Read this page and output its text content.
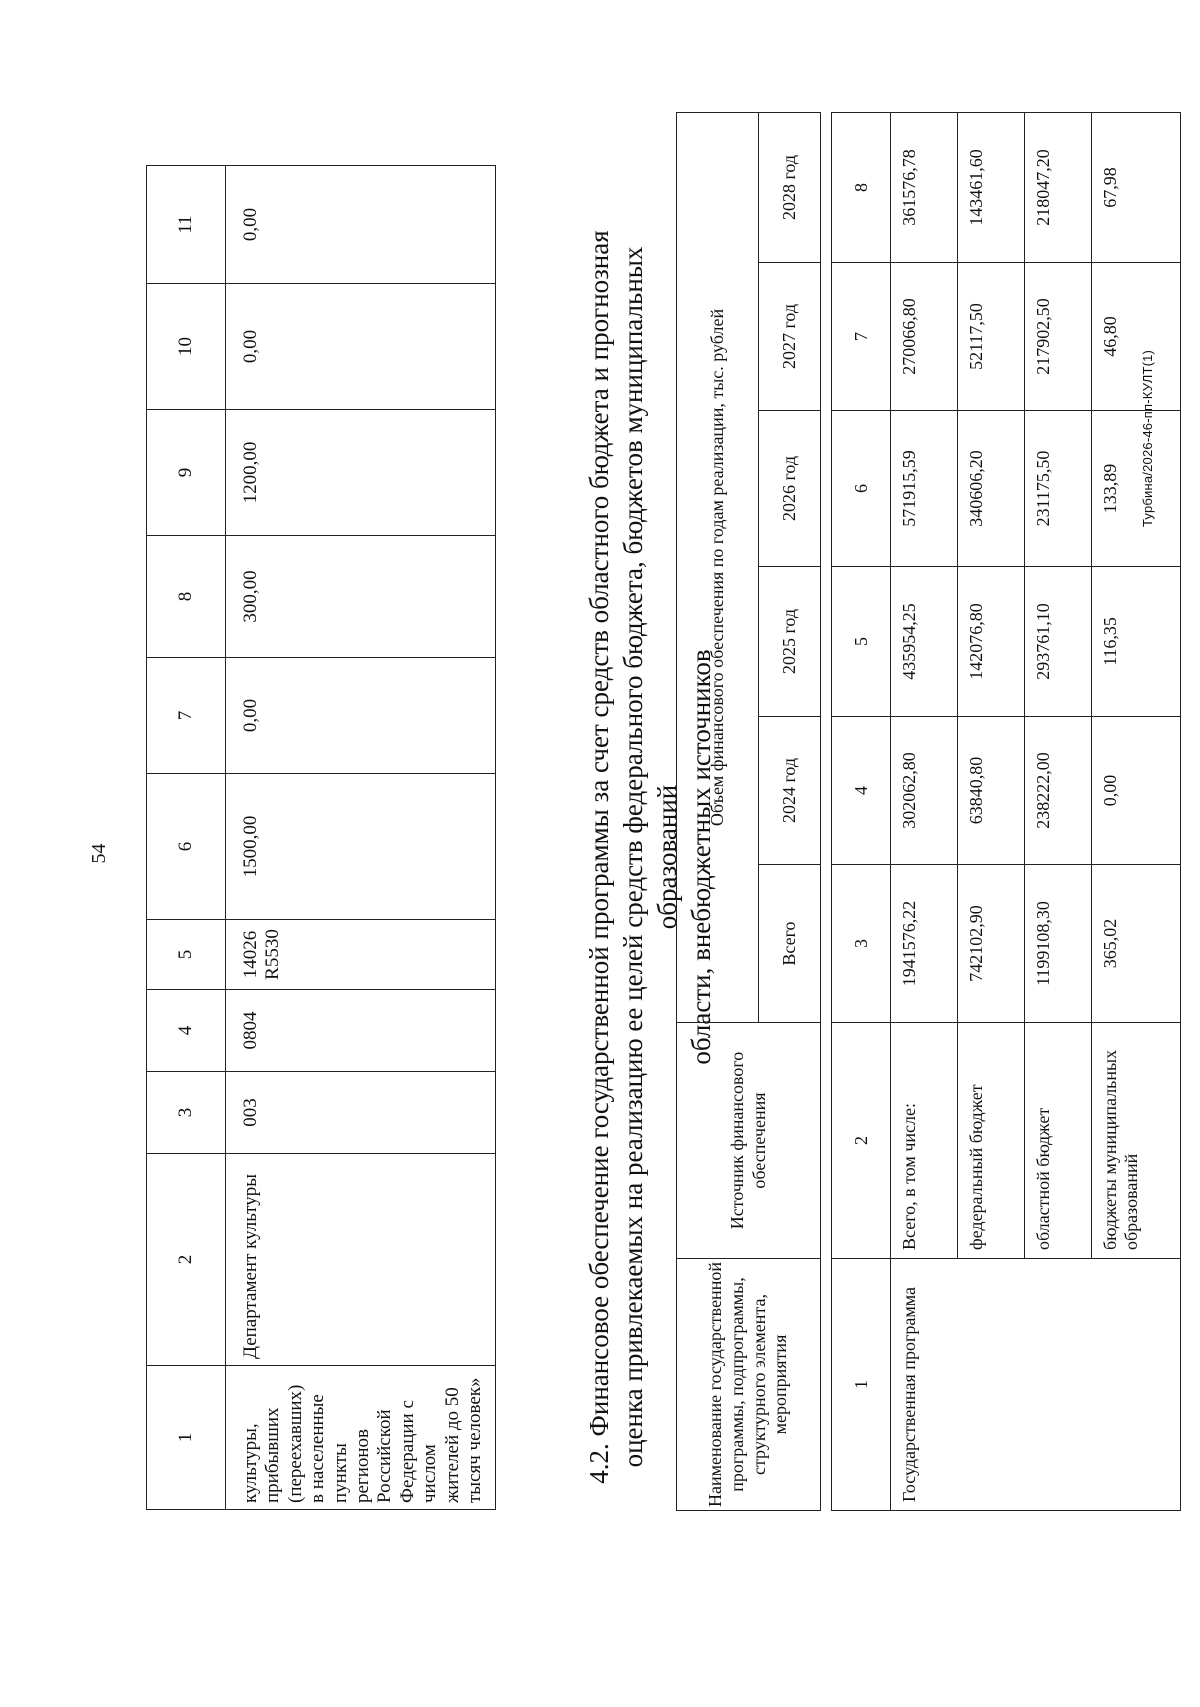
54
1	2	3	4	5	6	7	8	9	10	11
культуры, прибывших (переехавших) в населенные пункты регионов Российской Федерации с числом жителей до 50 тысяч человек»	Департамент культуры	003	0804	14026R5530	1500,00	0,00	300,00	1200,00	0,00	0,00
4.2. Финансовое обеспечение государственной программы за счет средств областного бюджета и прогнозная оценка привлекаемых на реализацию ее целей средств федерального бюджета, бюджетов муниципальных образований области, внебюджетных источников
Наименование государственной программы, подпрограммы, структурного элемента, мероприятия	Источник финансового обеспечения	Объем финансового обеспечения по годам реализации, тыс. рублей					
		Всего	2024 год	2025 год	2026 год	2027 год	2028 год

1	2	3	4	5	6	7	8
Государственная программа	Всего, в том числе:	1941576,22	302062,80	435954,25	571915,59	270066,80	361576,78
	федеральный бюджет	742102,90	63840,80	142076,80	340606,20	52117,50	143461,60
	областной бюджет	1199108,30	238222,00	293761,10	231175,50	217902,50	218047,20
	бюджеты муниципальных образований	365,02	0,00	116,35	133,89	46,80	67,98
Турбина/2026-46-пп-КУЛТ(1)
